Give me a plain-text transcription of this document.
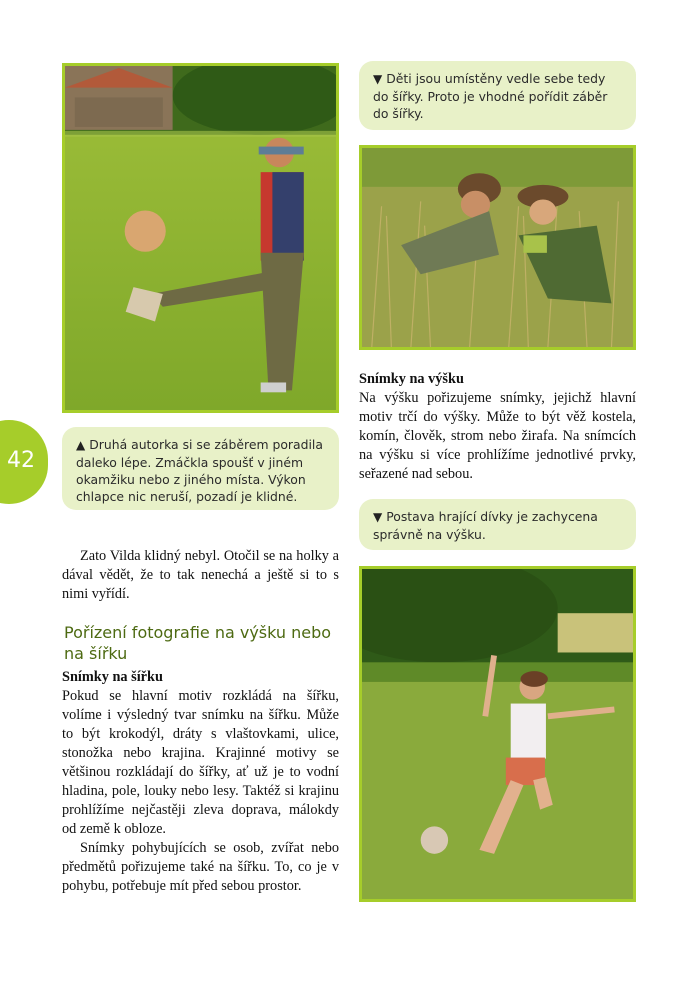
42
▼ Děti jsou umístěny vedle sebe tedy do šířky. Proto je vhodné pořídit záběr do šířky.

Snímky na výšku

Na výšku pořizujeme snímky, jejichž hlavní motiv trčí do výšky. Může to být věž kostela, komín, člověk, strom nebo žirafa. Na snímcích na výšku si více prohlížíme jednotlivé prvky, seřazené nad sebou.

▲ Druhá autorka si se záběrem poradila daleko lépe. Zmáčkla spoušť v jiném okamžiku nebo z jiného místa. Výkon chlapce nic neruší, pozadí je klidné.
▼ Postava hrající dívky je zachycena správně na výšku.

Zato Vilda klidný nebyl. Otočil se na holky a dával vědět, že to tak nenechá a ještě si to s nimi vyřídí.

Pořízení fotografie na výšku nebo na šířku

Snímky na šířku

Pokud se hlavní motiv rozkládá na šířku, volíme i výsledný tvar snímku na šířku. Může to být krokodýl, dráty s vlaštovkami, ulice, stonožka nebo krajina. Krajinné motivy se většinou rozkládají do šířky, ať už je to vodní hladina, pole, louky nebo lesy. Taktéž si krajinu prohlížíme nejčastěji zleva doprava, málokdy od země k obloze.

Snímky pohybujících se osob, zvířat nebo předmětů pořizujeme také na šířku. To, co je v pohybu, potřebuje mít před sebou prostor.
